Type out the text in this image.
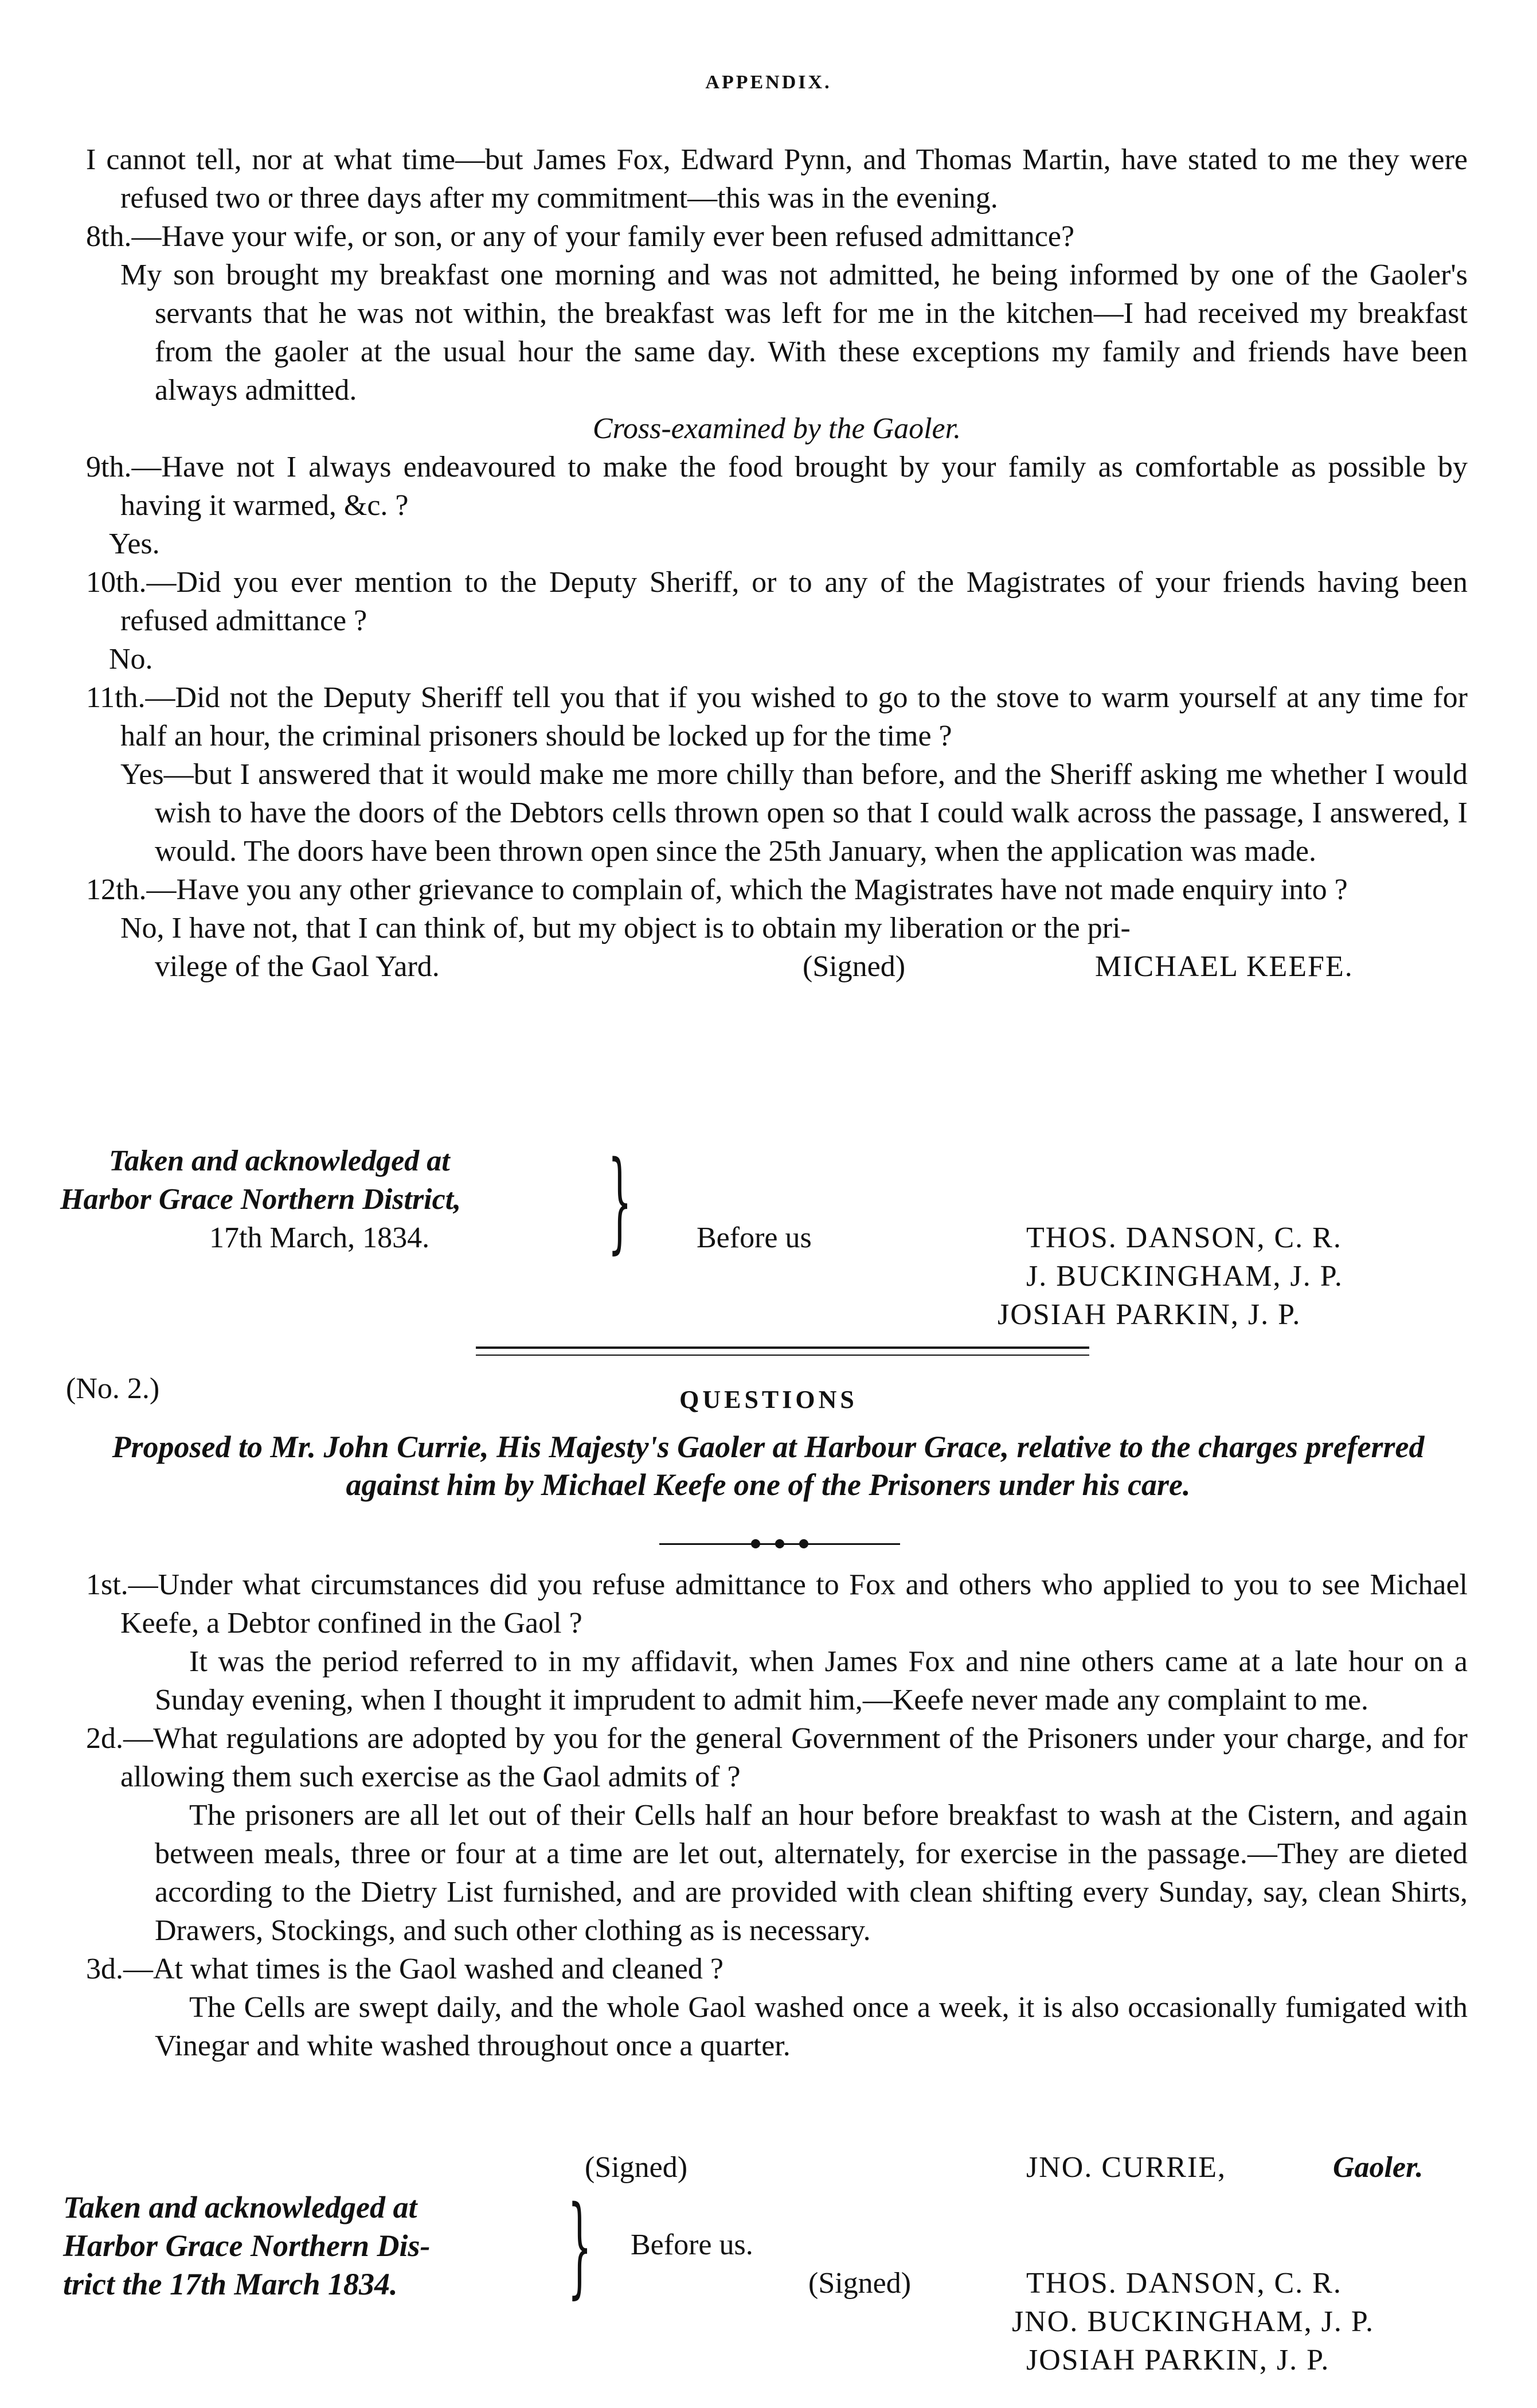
APPENDIX.

I cannot tell, nor at what time—but James Fox, Edward Pynn, and Thomas Martin, have stated to me they were refused two or three days after my commitment—this was in the evening.

8th.—Have your wife, or son, or any of your family ever been refused admittance?

My son brought my breakfast one morning and was not admitted, he being informed by one of the Gaoler's servants that he was not within, the breakfast was left for me in the kitchen—I had received my breakfast from the gaoler at the usual hour the same day. With these exceptions my family and friends have been always admitted.

Cross-examined by the Gaoler.

9th.—Have not I always endeavoured to make the food brought by your family as comfortable as possible by having it warmed, &c. ?

Yes.

10th.—Did you ever mention to the Deputy Sheriff, or to any of the Magistrates of your friends having been refused admittance ?

No.

11th.—Did not the Deputy Sheriff tell you that if you wished to go to the stove to warm yourself at any time for half an hour, the criminal prisoners should be locked up for the time ?

Yes—but I answered that it would make me more chilly than before, and the Sheriff asking me whether I would wish to have the doors of the Debtors cells thrown open so that I could walk across the passage, I answered, I would. The doors have been thrown open since the 25th January, when the application was made.

12th.—Have you any other grievance to complain of, which the Magistrates have not made enquiry into ?

No, I have not, that I can think of, but my object is to obtain my liberation or the pri-

vilege of the Gaol Yard.	(Signed)	MICHAEL KEEFE.
Taken and acknowledged at
Harbor Grace Northern District,
17th March, 1834. } Before us	THOS. DANSON, C. R.
J. BUCKINGHAM, J. P.
JOSIAH PARKIN, J. P.
(No. 2.)	QUESTIONS

Proposed to Mr. John Currie, His Majesty's Gaoler at Harbour Grace, relative to the charges preferred against him by Michael Keefe one of the Prisoners under his care.

1st.—Under what circumstances did you refuse admittance to Fox and others who applied to you to see Michael Keefe, a Debtor confined in the Gaol ?

It was the period referred to in my affidavit, when James Fox and nine others came at a late hour on a Sunday evening, when I thought it imprudent to admit him,—Keefe never made any complaint to me.

2d.—What regulations are adopted by you for the general Government of the Prisoners under your charge, and for allowing them such exercise as the Gaol admits of ?

The prisoners are all let out of their Cells half an hour before breakfast to wash at the Cistern, and again between meals, three or four at a time are let out, alternately, for exercise in the passage.—They are dieted according to the Dietry List furnished, and are provided with clean shifting every Sunday, say, clean Shirts, Drawers, Stockings, and such other clothing as is necessary.

3d.—At what times is the Gaol washed and cleaned ?

The Cells are swept daily, and the whole Gaol washed once a week, it is also occasionally fumigated with Vinegar and white washed throughout once a quarter.

(Signed)	JNO. CURRIE,	Gaoler.
Taken and acknowledged at
Harbor Grace Northern Dis-
trict the 17th March 1834. } Before us.
(Signed)	THOS. DANSON, C. R.
JNO. BUCKINGHAM, J. P.
JOSIAH PARKIN, J. P.
